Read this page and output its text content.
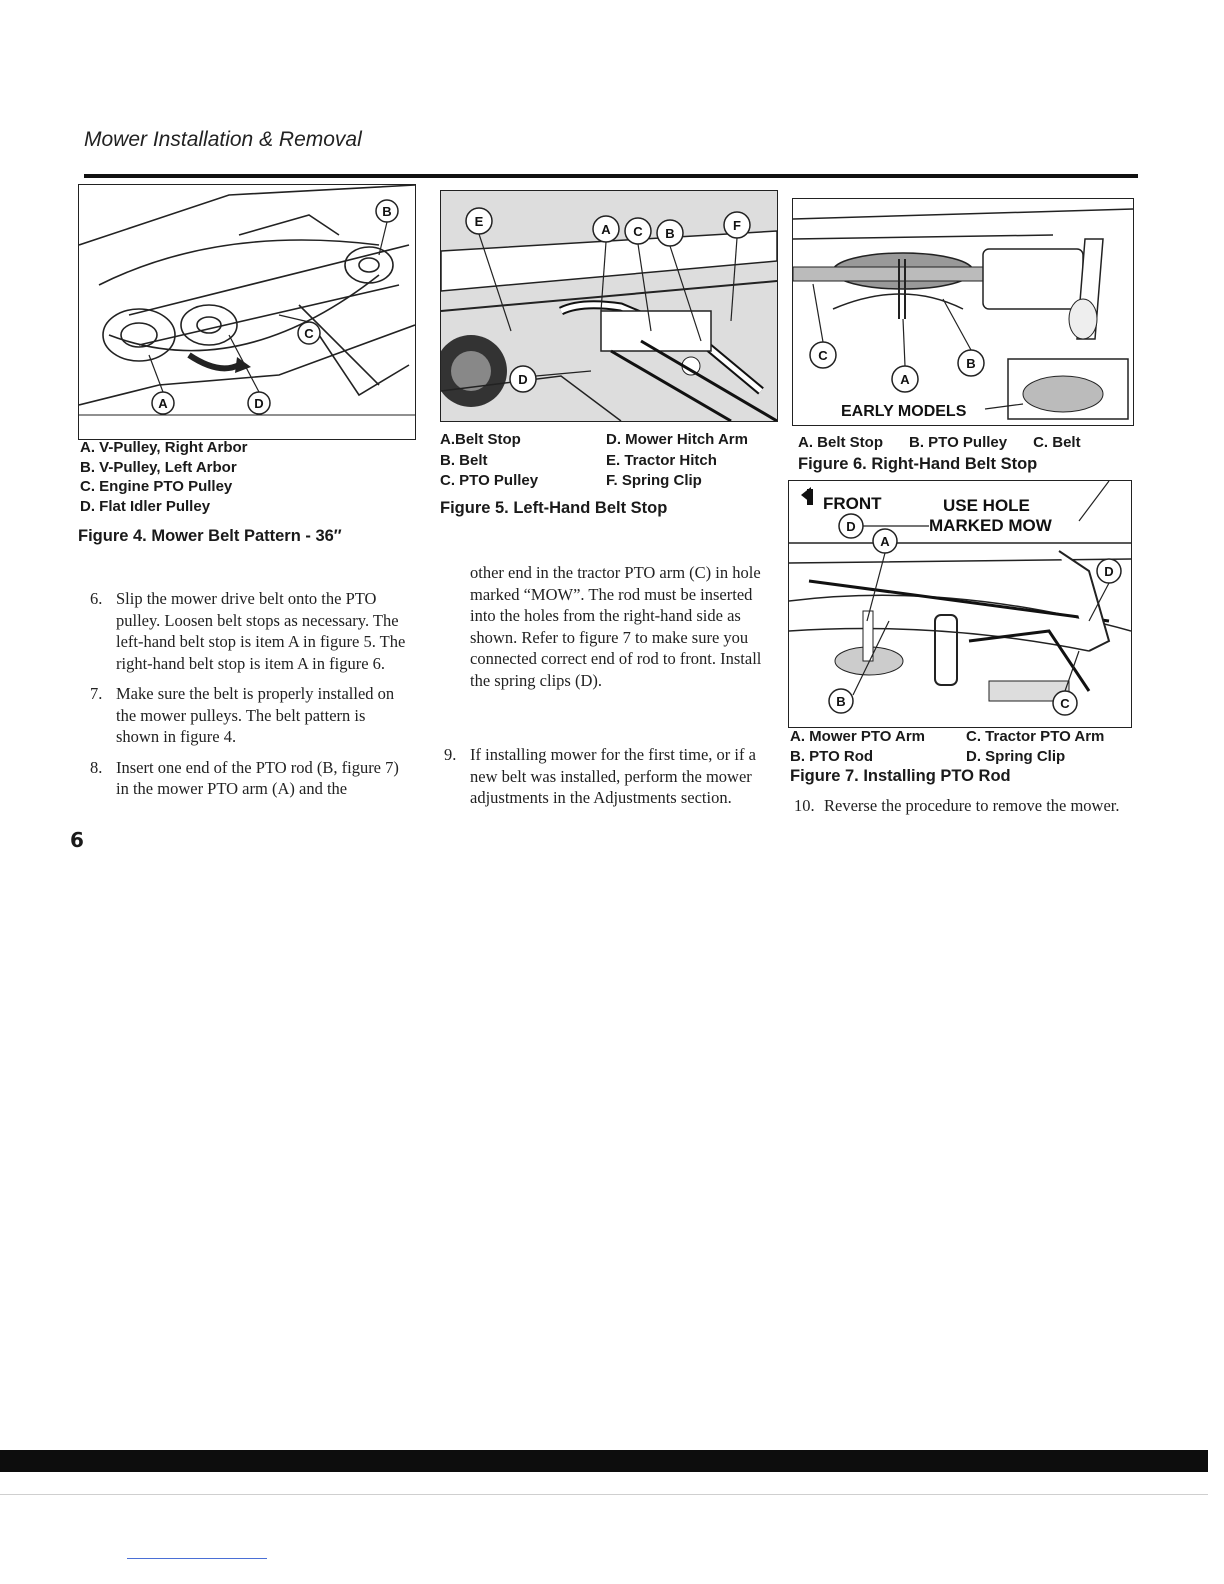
Mower Installation & Removal
A	D
C
B
A. V-Pulley, Right Arbor
B. V-Pulley, Left Arbor
C. Engine PTO Pulley
D. Flat Idler Pulley
Figure 4. Mower Belt Pattern - 36″
E
A C B
F
D
A.Belt Stop	D. Mower Hitch Arm
B. Belt	E. Tractor Hitch
C. PTO Pulley	F. Spring Clip
Figure 5. Left-Hand Belt Stop
C
A
B
EARLY MODELS
A. Belt Stop B. PTO Pulley C. Belt
Figure 6. Right-Hand Belt Stop
FRONT	USE HOLE
MARKED MOW
D
A
D
B	C
A. Mower PTO Arm	C. Tractor PTO Arm
B. PTO Rod	D. Spring Clip
Figure 7. Installing PTO Rod
6. Slip the mower drive belt onto the PTO pulley. Loosen belt stops as necessary. The left-hand belt stop is item A in figure 5. The right-hand belt stop is item A in figure 6.
7. Make sure the belt is properly installed on the mower pulleys. The belt pattern is shown in figure 4.
8. Insert one end of the PTO rod (B, figure 7) in the mower PTO arm (A) and the
other end in the tractor PTO arm (C) in hole marked “MOW”. The rod must be inserted into the holes from the right-hand side as shown. Refer to figure 7 to make sure you connected correct end of rod to front. Install the spring clips (D).
9. If installing mower for the first time, or if a new belt was installed, perform the mower adjustments in the Adjustments section.	10. Reverse the procedure to remove the mower.
6
